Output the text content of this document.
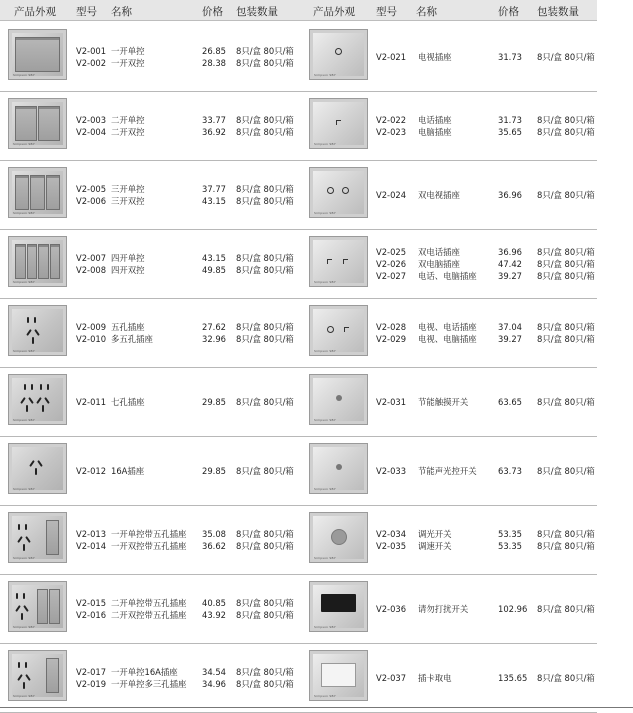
产品外观 型号 名称	价格 包装数量	产品外观 型号 名称	价格 包装数量
Simpson SB7	Simpson SB7
V2-001 一开单控	26.85 8只/盒 80只/箱
V2-002 一开双控	28.38 8只/盒 80只/箱
V2-021 电视插座	31.73 8只/盒 80只/箱
Simpson SB7	Simpson SB7
V2-003 二开单控	33.77 8只/盒 80只/箱
V2-004 二开双控	36.92 8只/盒 80只/箱
V2-022 电话插座	31.73 8只/盒 80只/箱
V2-023 电脑插座	35.65 8只/盒 80只/箱
Simpson SB7	Simpson SB7
V2-005 三开单控	37.77 8只/盒 80只/箱
V2-006 三开双控	43.15 8只/盒 80只/箱
V2-024 双电视插座	36.96 8只/盒 80只/箱
Simpson SB7	Simpson SB7
V2-007 四开单控	43.15 8只/盒 80只/箱
V2-008 四开双控	49.85 8只/盒 80只/箱
V2-025 双电话插座	36.96 8只/盒 80只/箱
V2-026 双电脑插座	47.42 8只/盒 80只/箱
V2-027 电话、电脑插座	39.27 8只/盒 80只/箱
Simpson SB7	Simpson SB7
V2-009 五孔插座	27.62 8只/盒 80只/箱
V2-010 多五孔插座	32.96 8只/盒 80只/箱
V2-028 电视、电话插座	37.04 8只/盒 80只/箱
V2-029 电视、电脑插座	39.27 8只/盒 80只/箱
Simpson SB7	Simpson SB7
V2-011 七孔插座	29.85 8只/盒 80只/箱	V2-031 节能触摸开关	63.65 8只/盒 80只/箱
Simpson SB7	Simpson SB7
V2-012 16A插座	29.85 8只/盒 80只/箱	V2-033 节能声光控开关	63.73 8只/盒 80只/箱
Simpson SB7	Simpson SB7
V2-013 一开单控带五孔插座 35.08 8只/盒 80只/箱
V2-014 一开双控带五孔插座 36.62 8只/盒 80只/箱
V2-034 调光开关	53.35 8只/盒 80只/箱
V2-035 调速开关	53.35 8只/盒 80只/箱
Simpson SB7	Simpson SB7
V2-015 二开单控带五孔插座 40.85 8只/盒 80只/箱
V2-016 二开双控带五孔插座 43.92 8只/盒 80只/箱
V2-036 请勿打扰开关	102.96 8只/盒 80只/箱
Simpson SB7	Simpson SB7
V2-017 一开单控16A插座	34.54 8只/盒 80只/箱
V2-019 一开单控多三孔插座 34.96 8只/盒 80只/箱
V2-037 插卡取电	135.65 8只/盒 80只/箱
